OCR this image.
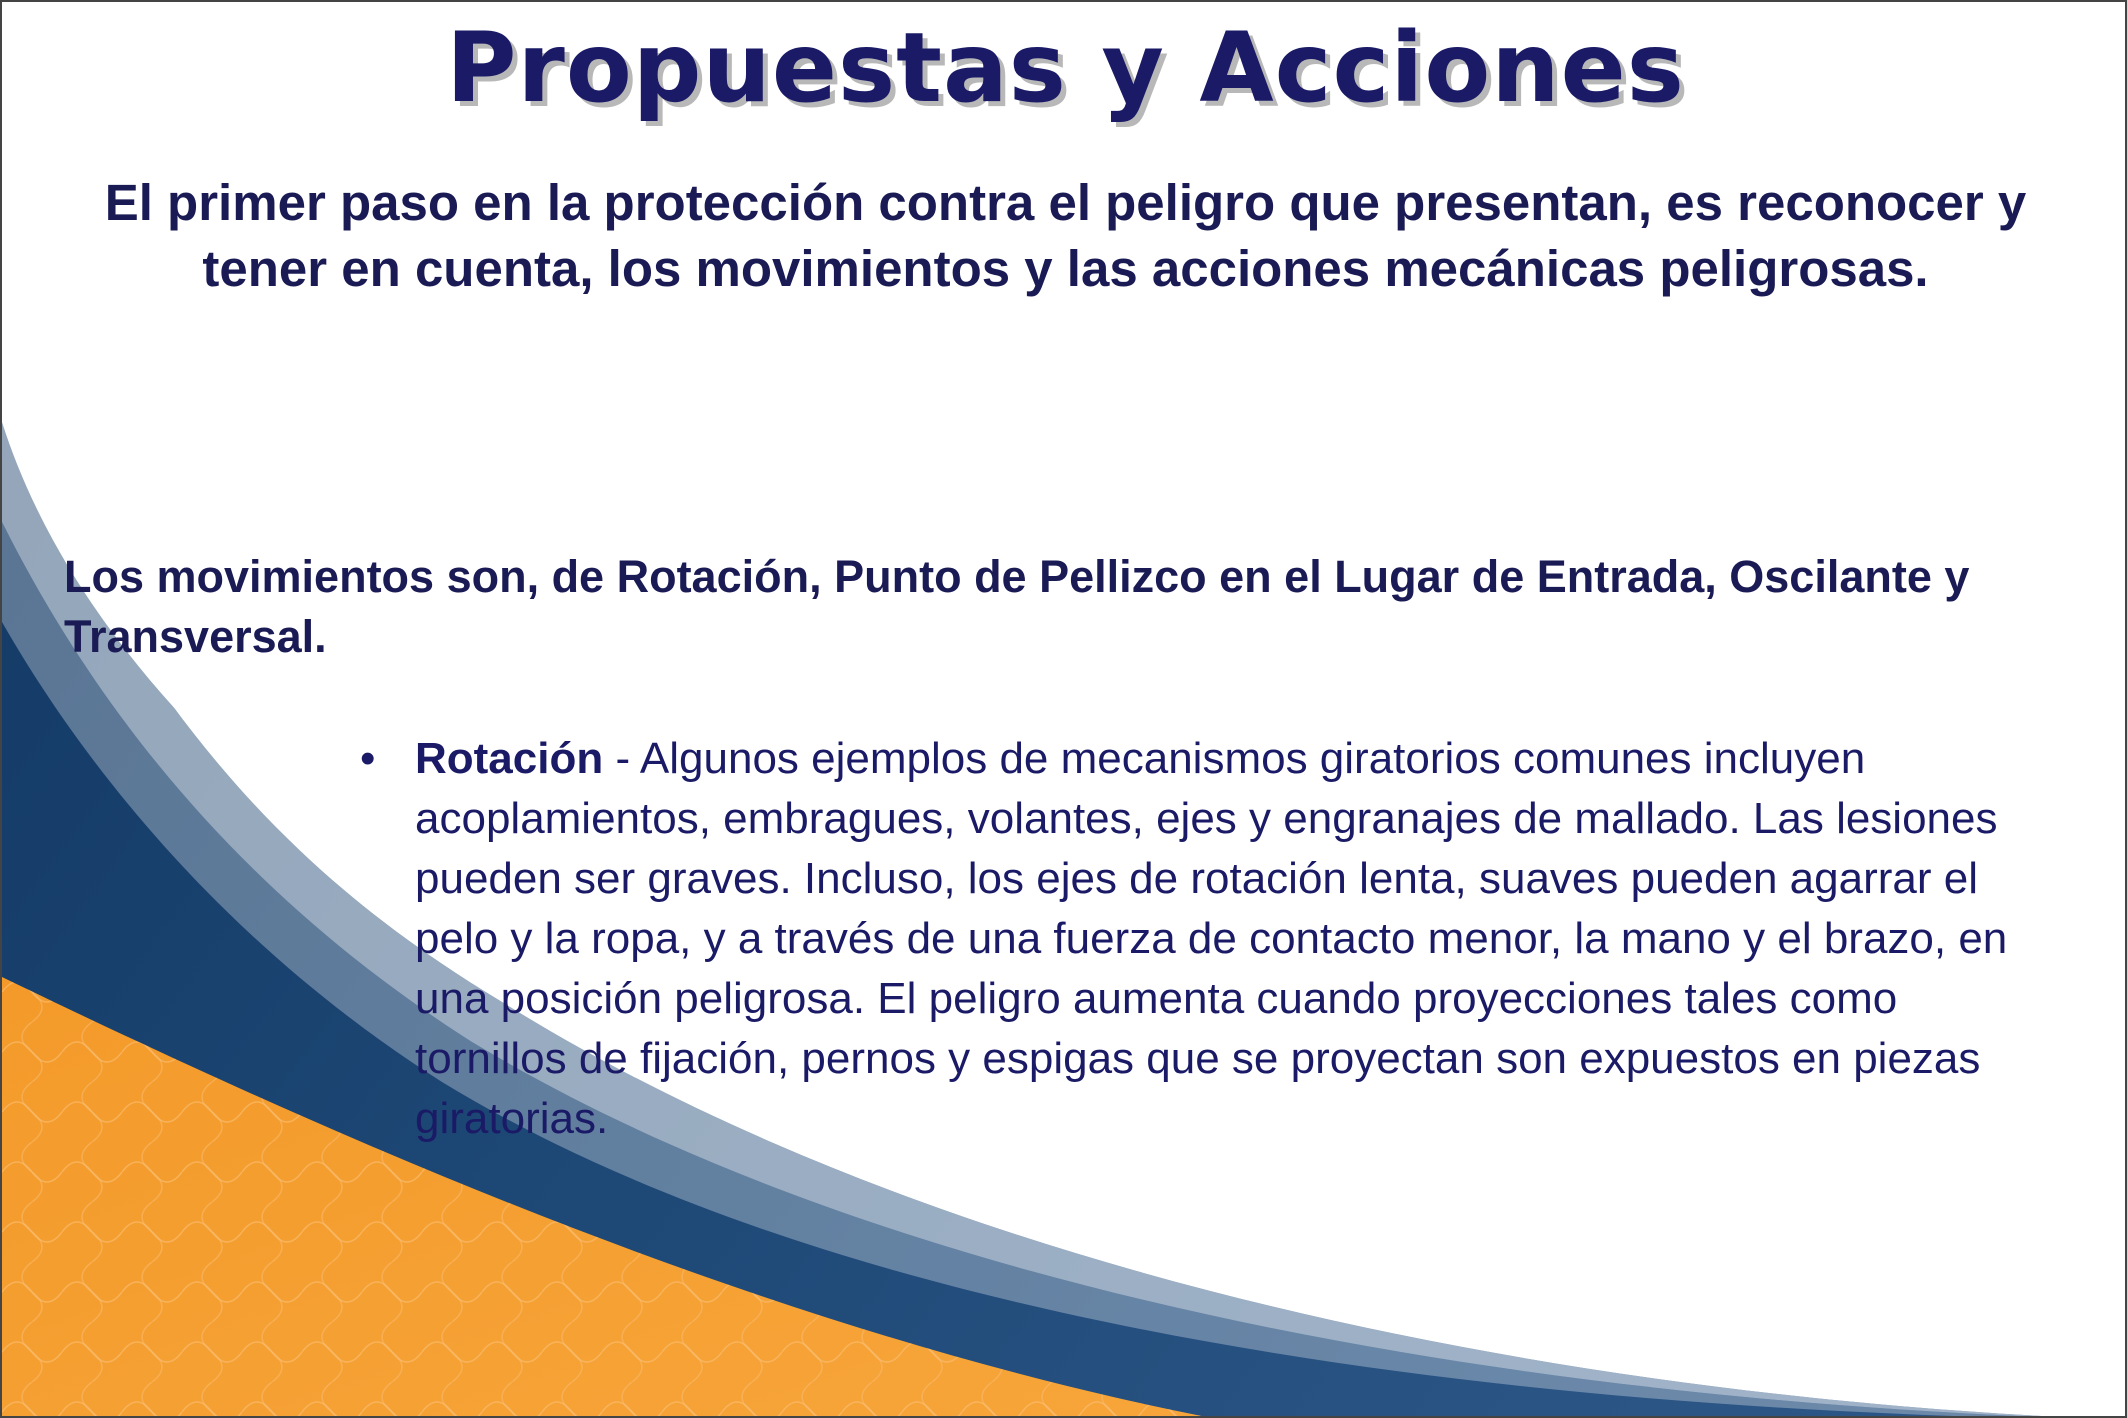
Propuestas y Acciones
El primer paso en la protección contra el peligro que presentan, es reconocer y tener en cuenta, los movimientos y las acciones mecánicas peligrosas.
Los movimientos son, de Rotación, Punto de Pellizco en el Lugar de Entrada, Oscilante y Transversal.
• Rotación - Algunos ejemplos de mecanismos giratorios comunes incluyen acoplamientos, embragues, volantes, ejes y engranajes de mallado. Las lesiones pueden ser graves. Incluso, los ejes de rotación lenta, suaves pueden agarrar el pelo y la ropa, y a través de una fuerza de contacto menor, la mano y el brazo, en una posición peligrosa. El peligro aumenta cuando proyecciones tales como tornillos de fijación, pernos y espigas que se proyectan son expuestos en piezas giratorias.
